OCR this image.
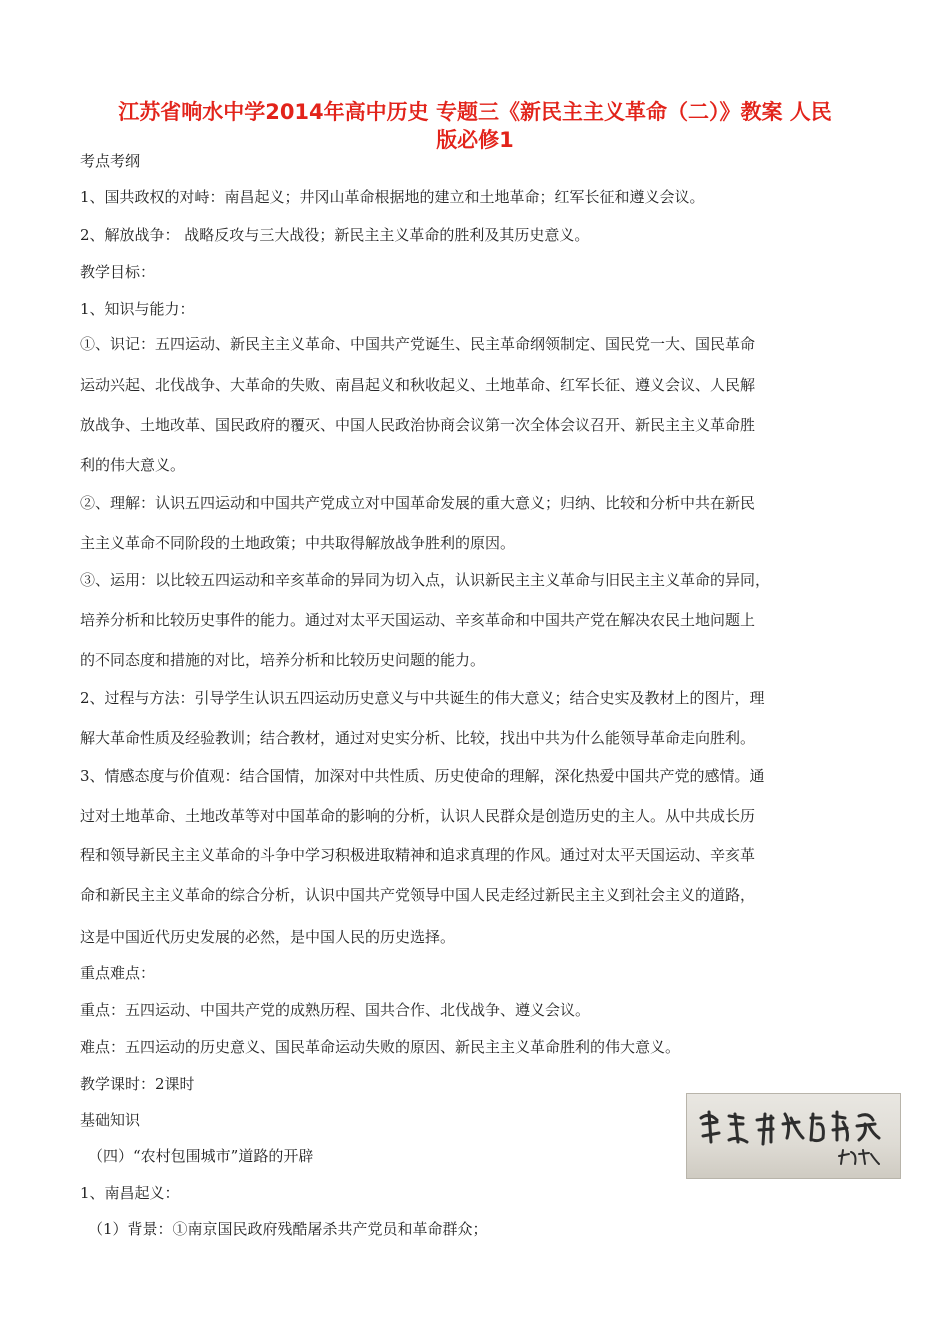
江苏省响水中学2014年高中历史 专题三《新民主主义革命（二）》教案 人民
版必修1
考点考纲
1、国共政权的对峙：南昌起义；井冈山革命根据地的建立和土地革命；红军长征和遵义会议。
2、解放战争： 战略反攻与三大战役；新民主主义革命的胜利及其历史意义。
教学目标：
1、知识与能力：
①、识记：五四运动、新民主主义革命、中国共产党诞生、民主革命纲领制定、国民党一大、国民革命
运动兴起、北伐战争、大革命的失败、南昌起义和秋收起义、土地革命、红军长征、遵义会议、人民解
放战争、土地改革、国民政府的覆灭、中国人民政治协商会议第一次全体会议召开、新民主主义革命胜
利的伟大意义。
②、理解：认识五四运动和中国共产党成立对中国革命发展的重大意义；归纳、比较和分析中共在新民
主主义革命不同阶段的土地政策；中共取得解放战争胜利的原因。
③、运用：以比较五四运动和辛亥革命的异同为切入点，认识新民主主义革命与旧民主主义革命的异同，
培养分析和比较历史事件的能力。通过对太平天国运动、辛亥革命和中国共产党在解决农民土地问题上
的不同态度和措施的对比，培养分析和比较历史问题的能力。
2、过程与方法：引导学生认识五四运动历史意义与中共诞生的伟大意义；结合史实及教材上的图片，理
解大革命性质及经验教训；结合教材，通过对史实分析、比较，找出中共为什么能领导革命走向胜利。
3、情感态度与价值观：结合国情，加深对中共性质、历史使命的理解，深化热爱中国共产党的感情。通
过对土地革命、土地改革等对中国革命的影响的分析，认识人民群众是创造历史的主人。从中共成长历
程和领导新民主主义革命的斗争中学习积极进取精神和追求真理的作风。通过对太平天国运动、辛亥革
命和新民主主义革命的综合分析，认识中国共产党领导中国人民走经过新民主主义到社会主义的道路，
这是中国近代历史发展的必然，是中国人民的历史选择。
重点难点：
重点：五四运动、中国共产党的成熟历程、国共合作、北伐战争、遵义会议。
难点：五四运动的历史意义、国民革命运动失败的原因、新民主主义革命胜利的伟大意义。
教学课时：2课时
基础知识
（四）“农村包围城市”道路的开辟
1、南昌起义：
（1）背景：①南京国民政府残酷屠杀共产党员和革命群众；
